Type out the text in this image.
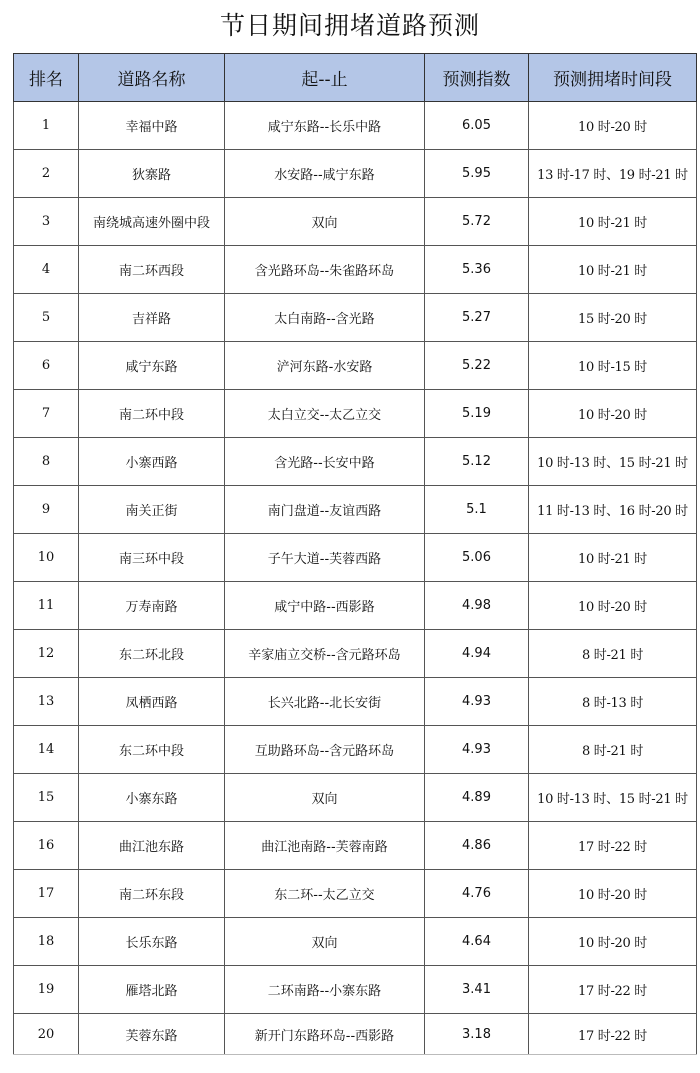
节日期间拥堵道路预测
排名	道路名称	起--止	预测指数	预测拥堵时间段
1	幸福中路	咸宁东路--长乐中路	6.05	10 时-20 时
2	狄寨路	水安路--咸宁东路	5.95	13 时-17 时、19 时-21 时
3	南绕城高速外圈中段	双向	5.72	10 时-21 时
4	南二环西段	含光路环岛--朱雀路环岛	5.36	10 时-21 时
5	吉祥路	太白南路--含光路	5.27	15 时-20 时
6	咸宁东路	浐河东路-水安路	5.22	10 时-15 时
7	南二环中段	太白立交--太乙立交	5.19	10 时-20 时
8	小寨西路	含光路--长安中路	5.12	10 时-13 时、15 时-21 时
9	南关正街	南门盘道--友谊西路	5.1	11 时-13 时、16 时-20 时
10	南三环中段	子午大道--芙蓉西路	5.06	10 时-21 时
11	万寿南路	咸宁中路--西影路	4.98	10 时-20 时
12	东二环北段	辛家庙立交桥--含元路环岛	4.94	8 时-21 时
13	凤栖西路	长兴北路--北长安街	4.93	8 时-13 时
14	东二环中段	互助路环岛--含元路环岛	4.93	8 时-21 时
15	小寨东路	双向	4.89	10 时-13 时、15 时-21 时
16	曲江池东路	曲江池南路--芙蓉南路	4.86	17 时-22 时
17	南二环东段	东二环--太乙立交	4.76	10 时-20 时
18	长乐东路	双向	4.64	10 时-20 时
19	雁塔北路	二环南路--小寨东路	3.41	17 时-22 时
20	芙蓉东路	新开门东路环岛--西影路	3.18	17 时-22 时
